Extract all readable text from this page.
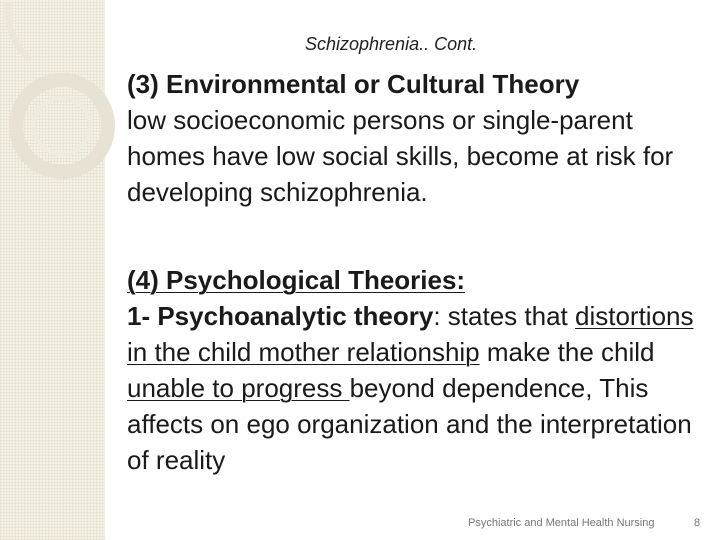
Schizophrenia.. Cont.

(3) Environmental or Cultural Theory

low socioeconomic persons or single-parent homes have low social skills, become at risk for developing schizophrenia.

(4) Psychological Theories:

1- Psychoanalytic theory: states that distortions in the child mother relationship make the child unable to progress beyond dependence, This affects on ego organization and the interpretation of reality

Psychiatric and Mental Health Nursing	8
